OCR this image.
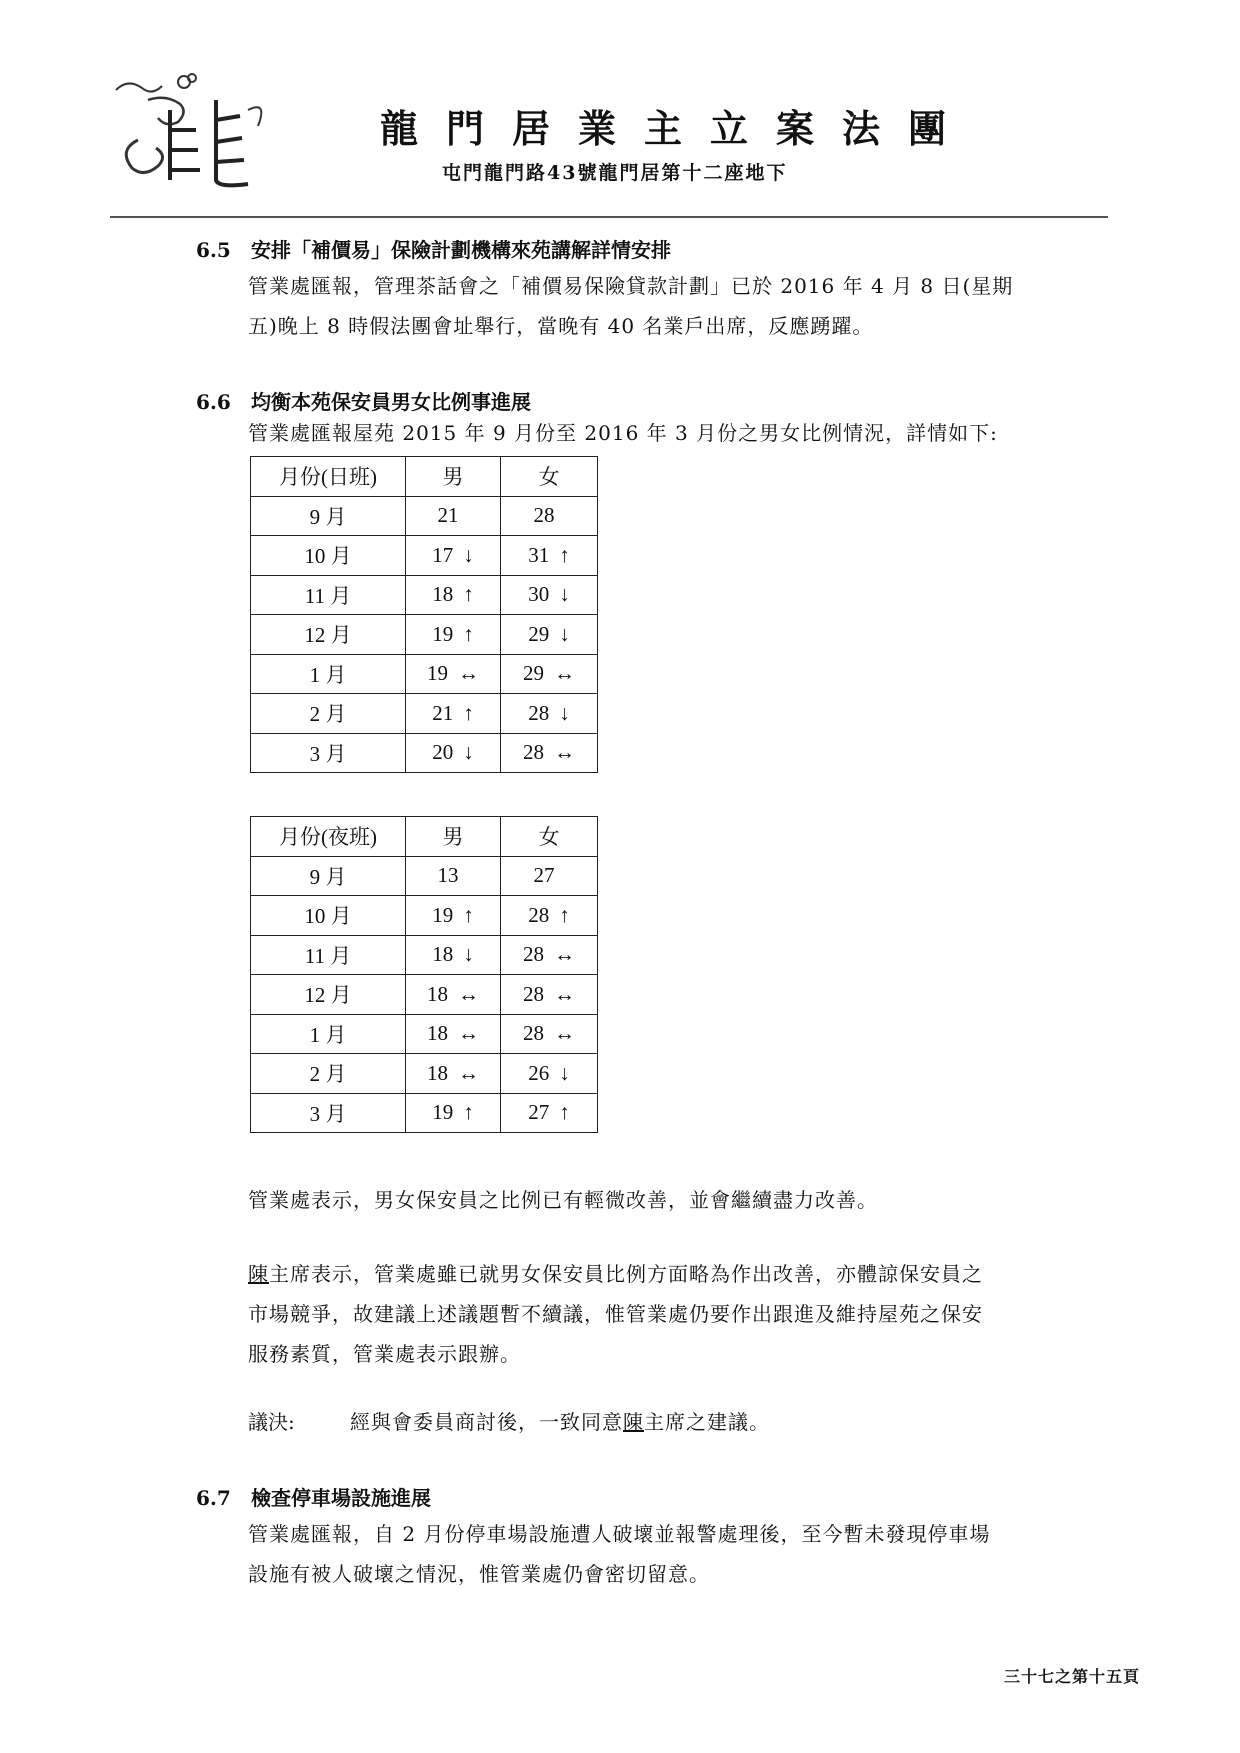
龍門居業主立案法團
屯門龍門路43號龍門居第十二座地下
6.5 安排「補價易」保險計劃機構來苑講解詳情安排
管業處匯報，管理茶話會之「補價易保險貸款計劃」已於 2016 年 4 月 8 日(星期
五)晚上 8 時假法團會址舉行，當晚有 40 名業戶出席，反應踴躍。
6.6 均衡本苑保安員男女比例事進展
管業處匯報屋苑 2015 年 9 月份至 2016 年 3 月份之男女比例情況，詳情如下:
月份(日班)	男	女
9 月	21	28
10 月	17 ↓	31 ↑
11 月	18 ↑	30 ↓
12 月	19 ↑	29 ↓
1 月	19 ↔	29 ↔
2 月	21 ↑	28 ↓
3 月	20 ↓	28 ↔
月份(夜班)	男	女
9 月	13	27
10 月	19 ↑	28 ↑
11 月	18 ↓	28 ↔
12 月	18 ↔	28 ↔
1 月	18 ↔	28 ↔
2 月	18 ↔	26 ↓
3 月	19 ↑	27 ↑
管業處表示，男女保安員之比例已有輕微改善，並會繼續盡力改善。
陳主席表示，管業處雖已就男女保安員比例方面略為作出改善，亦體諒保安員之
市場競爭，故建議上述議題暫不續議，惟管業處仍要作出跟進及維持屋苑之保安
服務素質，管業處表示跟辦。
議決:	經與會委員商討後，一致同意陳主席之建議。
6.7 檢查停車場設施進展
管業處匯報，自 2 月份停車場設施遭人破壞並報警處理後，至今暫未發現停車場
設施有被人破壞之情況，惟管業處仍會密切留意。
三十七之第十五頁
